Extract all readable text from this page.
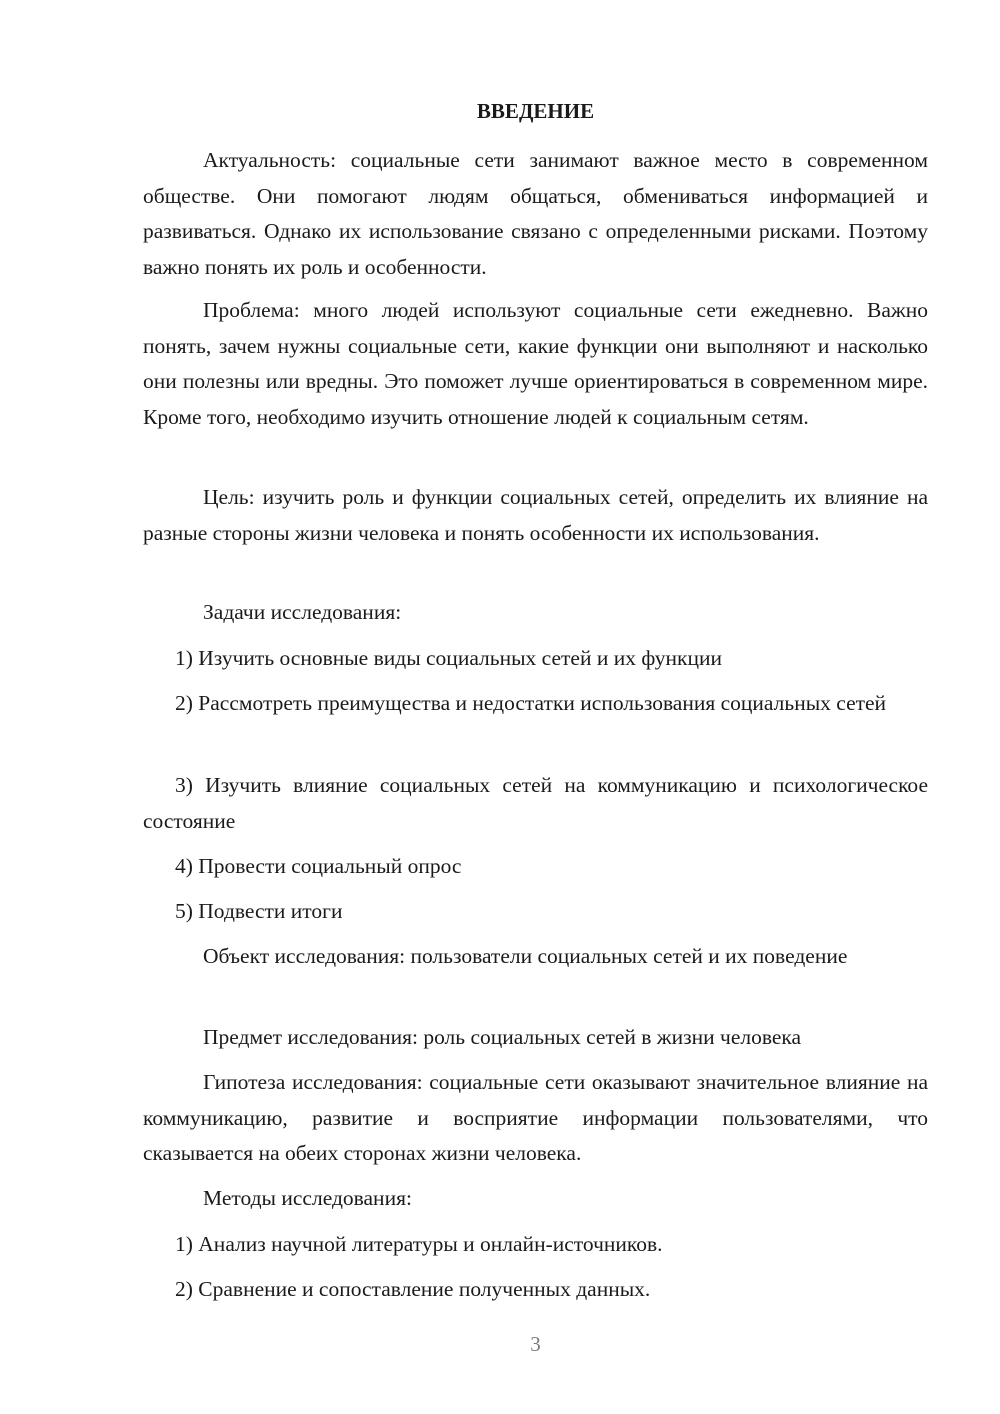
ВВЕДЕНИЕ

Актуальность: социальные сети занимают важное место в современном обществе. Они помогают людям общаться, обмениваться информацией и развиваться. Однако их использование связано с определенными рисками. Поэтому важно понять их роль и особенности.

Проблема: много людей используют социальные сети ежедневно. Важно понять, зачем нужны социальные сети, какие функции они выполняют и насколько они полезны или вредны. Это поможет лучше ориентироваться в современном мире. Кроме того, необходимо изучить отношение людей к социальным сетям.

Цель: изучить роль и функции социальных сетей, определить их влияние на разные стороны жизни человека и понять особенности их использования.

Задачи исследования:

1) Изучить основные виды социальных сетей и их функции

2) Рассмотреть преимущества и недостатки использования социальных сетей

3) Изучить влияние социальных сетей на коммуникацию и психологическое состояние

4) Провести социальный опрос

5) Подвести итоги

Объект исследования: пользователи социальных сетей и их поведение

Предмет исследования: роль социальных сетей в жизни человека

Гипотеза исследования: социальные сети оказывают значительное влияние на коммуникацию, развитие и восприятие информации пользователями, что сказывается на обеих сторонах жизни человека.

Методы исследования:

1) Анализ научной литературы и онлайн-источников.

2) Сравнение и сопоставление полученных данных.

3
